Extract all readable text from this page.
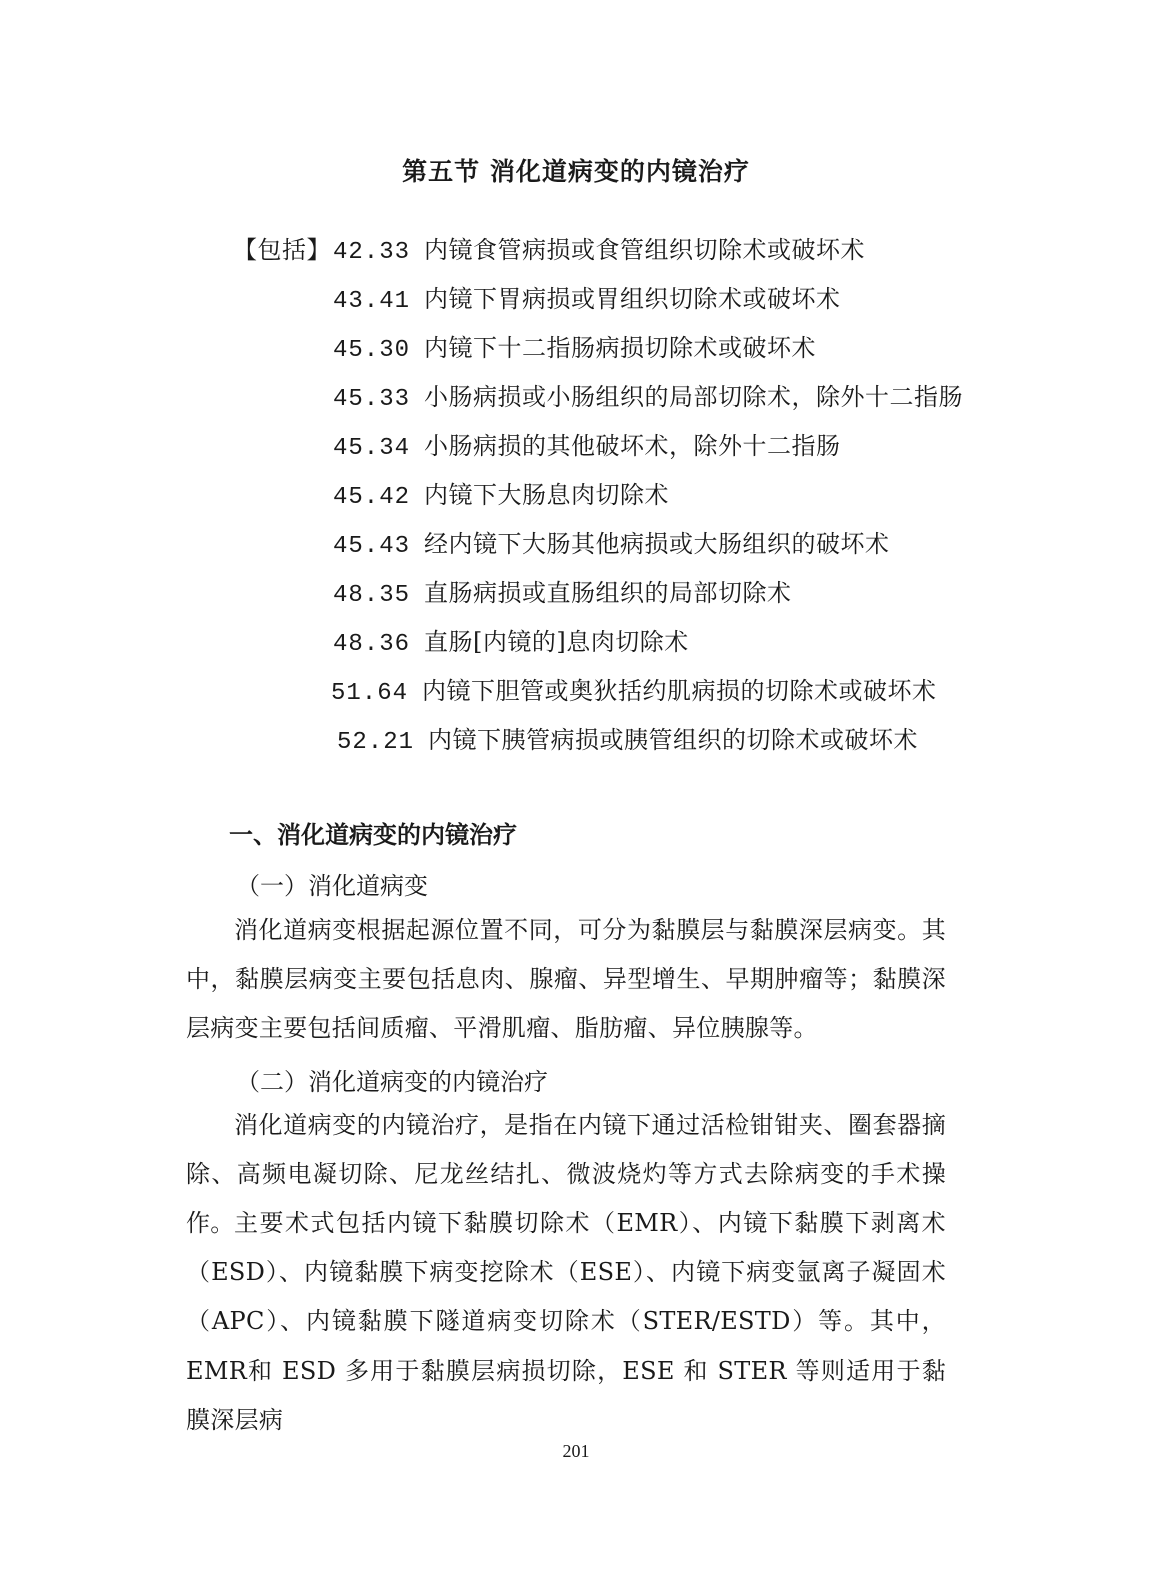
第五节 消化道病变的内镜治疗
【包括】42.33 内镜食管病损或食管组织切除术或破坏术
43.41 内镜下胃病损或胃组织切除术或破坏术
45.30 内镜下十二指肠病损切除术或破坏术
45.33 小肠病损或小肠组织的局部切除术，除外十二指肠
45.34 小肠病损的其他破坏术，除外十二指肠
45.42 内镜下大肠息肉切除术
45.43 经内镜下大肠其他病损或大肠组织的破坏术
48.35 直肠病损或直肠组织的局部切除术
48.36 直肠[内镜的]息肉切除术
51.64 内镜下胆管或奥狄括约肌病损的切除术或破坏术
52.21 内镜下胰管病损或胰管组织的切除术或破坏术
一、消化道病变的内镜治疗
（一）消化道病变
消化道病变根据起源位置不同，可分为黏膜层与黏膜深层病变。其中，黏膜层病变主要包括息肉、腺瘤、异型增生、早期肿瘤等；黏膜深层病变主要包括间质瘤、平滑肌瘤、脂肪瘤、异位胰腺等。
（二）消化道病变的内镜治疗
消化道病变的内镜治疗，是指在内镜下通过活检钳钳夹、圈套器摘除、高频电凝切除、尼龙丝结扎、微波烧灼等方式去除病变的手术操作。 主要术式包括内镜下黏膜切除术（EMR）、内镜下黏膜下剥离术（ESD）、内镜黏膜下病变挖除术（ESE）、内镜下病变氩离子凝固术（APC）、内镜黏膜下隧道病变切除术（STER/ESTD）等。其中，EMR和 ESD 多用于黏膜层病损切除，ESE 和 STER 等则适用于黏膜深层病
201
